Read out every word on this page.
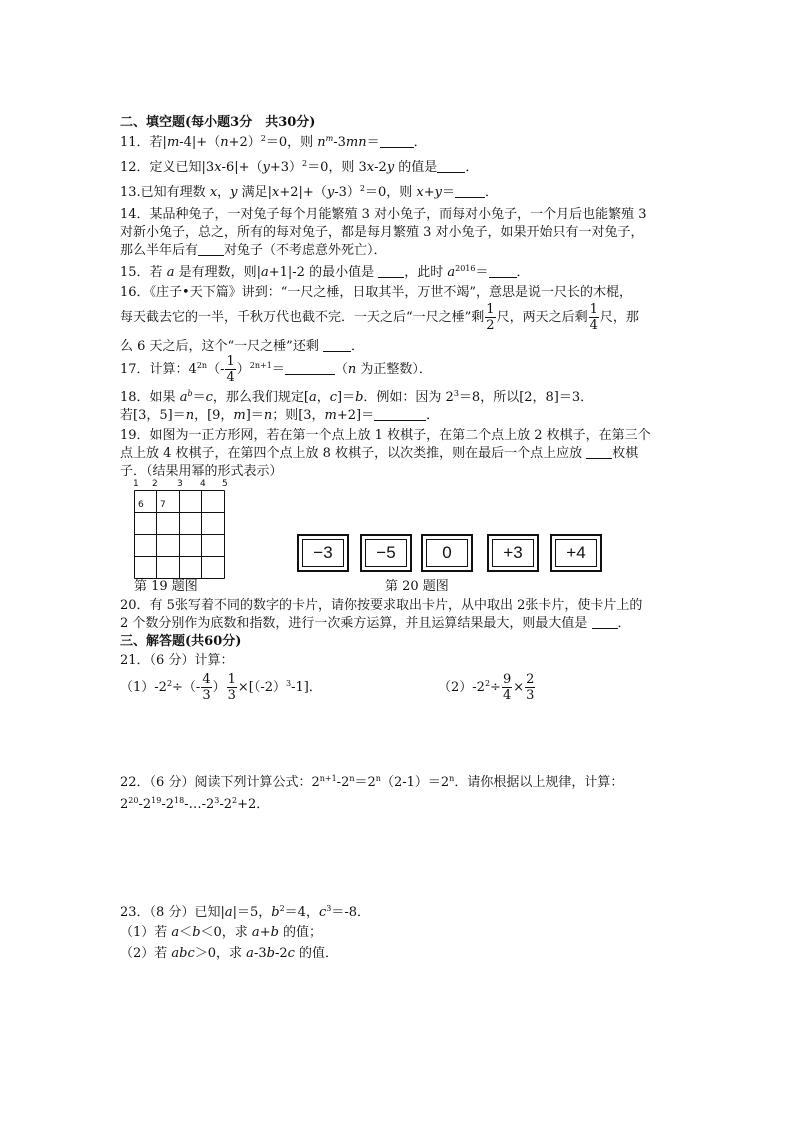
二、填空题(每小题3分　共30分)
11．若$|m-4|+(n+2)^2=0$，则 $n^m-3mn=$	．
12．定义已知$|3x-6|+(y+3)^2=0$，则 3x-2y 的值是 ．
13.已知有理数 x，y 满足$|x+2|+(y-3)^2=0$，则 x+y＝ ．
14．某品种兔子，一对兔子每个月能繁殖 3 对小兔子，而每对小兔子，一个月后也能繁殖 3
对新小兔子，总之，所有的每对兔子，都是每月繁殖 3 对小兔子，如果开始只有一对兔子，
那么半年后有 对兔子（不考虑意外死亡）．
15．若 a 是有理数，则|a+1|-2 的最小值是 ，此时 $a^{2016}=$ ．
16．《庄子•天下篇》讲到：“一尺之棰，日取其半，万世不竭”，意思是说一尺长的木棍，
每天截去它的一半，千秋万代也截不完．一天之后“一尺之棰”剩 $\frac{1}{2}$ 尺，两天之后剩 $\frac{1}{4}$ 尺，那
么 6 天之后，这个“一尺之棰”还剩 ．
17．计算：$4^{2n}(- \frac{1}{4} )^{2n+1}=$	（n 为正整数）．
18．如果 $a^b=c$，那么我们规定[a，c]＝b．例如：因为 $2^3=8$，所以[2，8]＝3．
若[3，5]＝n，[9，m]＝n；则[3，m+2]＝	．
19．如图为一正方形网，若在第一个点上放 1 枚棋子，在第二个点上放 2 枚棋子，在第三个
点上放 4 枚棋子，在第四个点上放 8 枚棋子，以次类推，则在最后一个点上应放 枚棋
子．（结果用幂的形式表示）
1 2 3 4 5
6 7
−3	−5	0	+3	+4
第 19 题图	第 20 题图
20．有 5张写着不同的数字的卡片，请你按要求取出卡片，从中取出 2张卡片，使卡片上的
2 个数分别作为底数和指数，进行一次乘方运算，并且运算结果最大，则最大值是 ．
三、解答题(共60分)
21．（6 分）计算：
$(1)-2^2\div(- \frac{4}{3}$ ） $\frac{1}{3} \times[(-2)^3-1]$．	$(2)-2^2\div \frac{9}{4} \times \frac{2}{3}$
22．（6 分）阅读下列计算公式：$2^{n+1}-2^n=2^n(2-1)=2^n$．请你根据以上规律，计算：
$2^{20}-2^{19}-2^{18}-\dots-2^3-2^2+2$．
23．（8 分）已知|a|＝5，$b^2=4$，$c^3=-8$．
（1）若 a＜b＜0，求 a+b 的值；
（2）若 abc＞0，求 a-3b-2c 的值．
